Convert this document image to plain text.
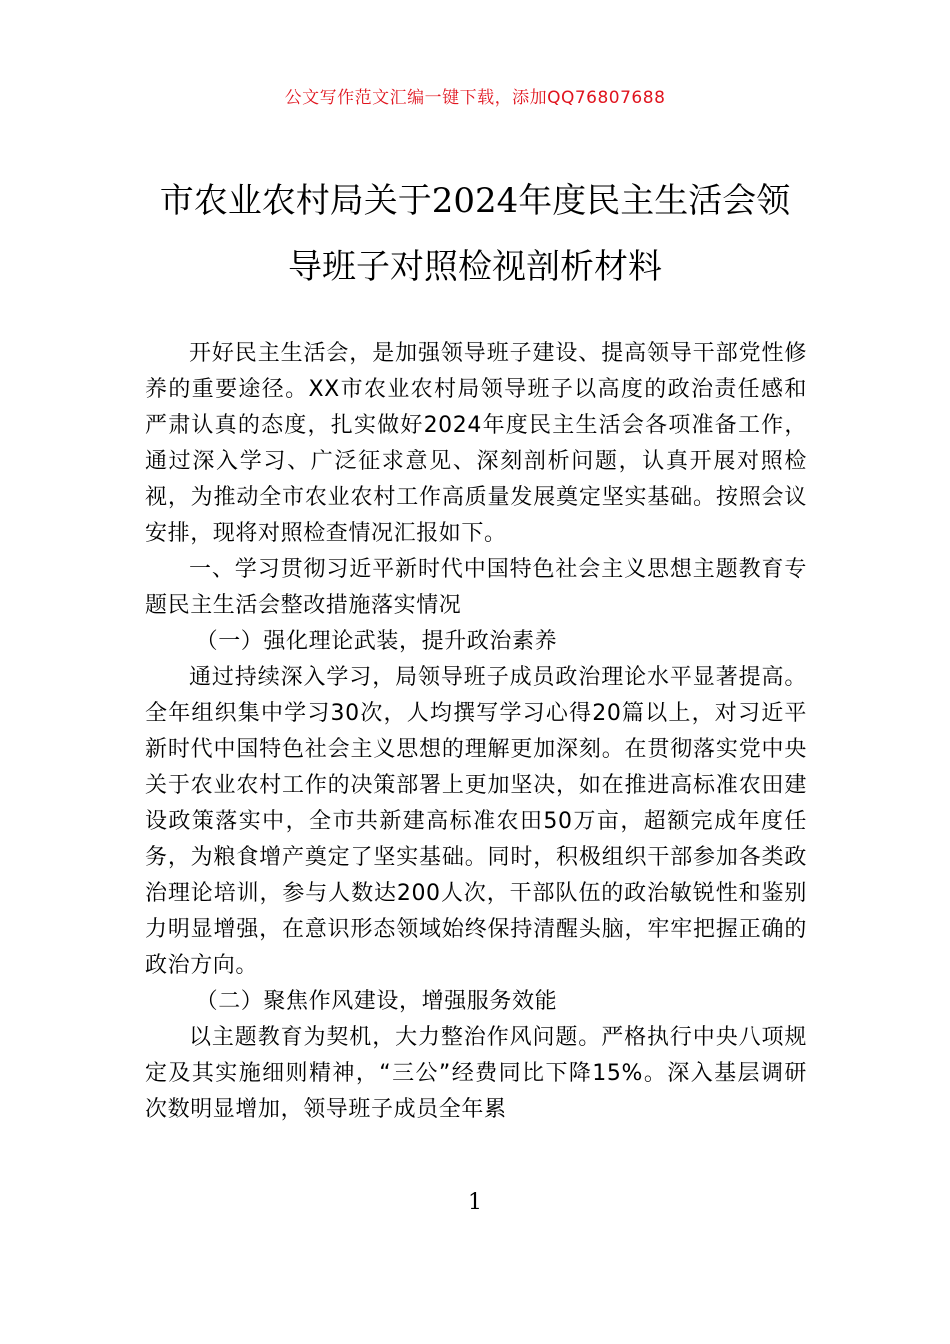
公文写作范文汇编一键下载，添加QQ76807688
市农业农村局关于2024年度民主生活会领
导班子对照检视剖析材料

开好民主生活会，是加强领导班子建设、提高领导干部党性修养的重要途径。XX市农业农村局领导班子以高度的政治责任感和严肃认真的态度，扎实做好2024年度民主生活会各项准备工作，通过深入学习、广泛征求意见、深刻剖析问题，认真开展对照检视，为推动全市农业农村工作高质量发展奠定坚实基础。按照会议安排，现将对照检查情况汇报如下。

一、学习贯彻习近平新时代中国特色社会主义思想主题教育专题民主生活会整改措施落实情况

（一）强化理论武装，提升政治素养

通过持续深入学习，局领导班子成员政治理论水平显著提高。全年组织集中学习30次，人均撰写学习心得20篇以上，对习近平新时代中国特色社会主义思想的理解更加深刻。在贯彻落实党中央关于农业农村工作的决策部署上更加坚决，如在推进高标准农田建设政策落实中，全市共新建高标准农田50万亩，超额完成年度任务，为粮食增产奠定了坚实基础。同时，积极组织干部参加各类政治理论培训，参与人数达200人次，干部队伍的政治敏锐性和鉴别力明显增强，在意识形态领域始终保持清醒头脑，牢牢把握正确的政治方向。

（二）聚焦作风建设，增强服务效能

以主题教育为契机，大力整治作风问题。严格执行中央八项规定及其实施细则精神，“三公”经费同比下降15%。深入基层调研次数明显增加，领导班子成员全年累

1
